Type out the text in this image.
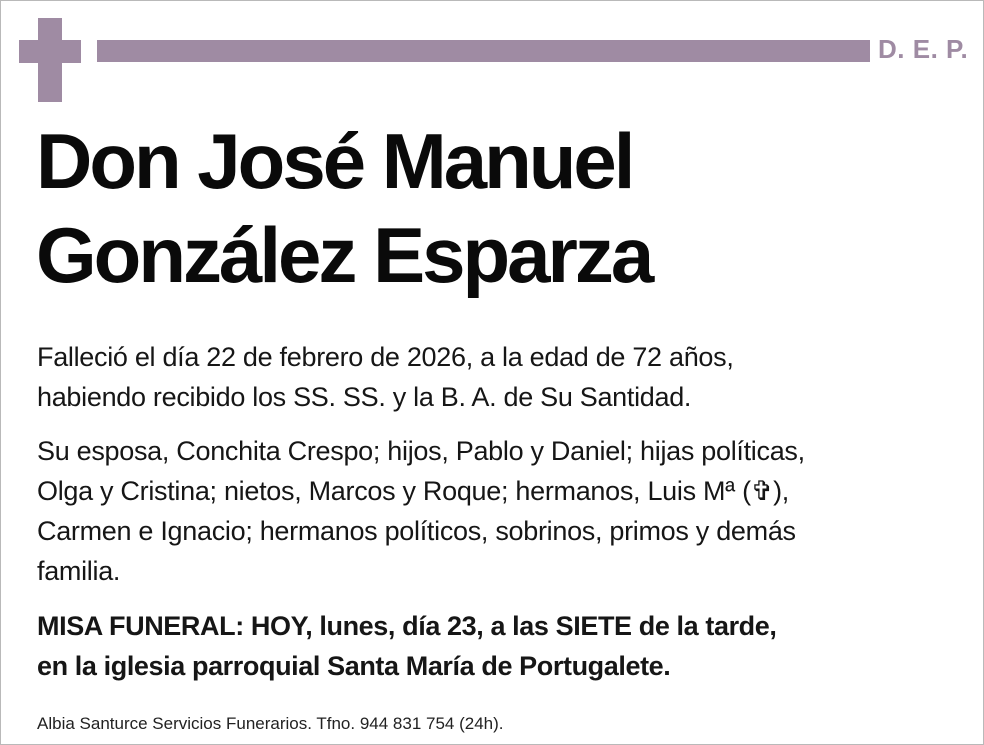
D. E. P.
Don José Manuel
González Esparza

Falleció el día 22 de febrero de 2026, a la edad de 72 años,
habiendo recibido los SS. SS. y la B. A. de Su Santidad.

Su esposa, Conchita Crespo; hijos, Pablo y Daniel; hijas políticas,
Olga y Cristina; nietos, Marcos y Roque; hermanos, Luis Mª (✞),
Carmen e Ignacio; hermanos políticos, sobrinos, primos y demás
familia.

MISA FUNERAL: HOY, lunes, día 23, a las SIETE de la tarde,
en la iglesia parroquial Santa María de Portugalete.

Albia Santurce Servicios Funerarios. Tfno. 944 831 754 (24h).
